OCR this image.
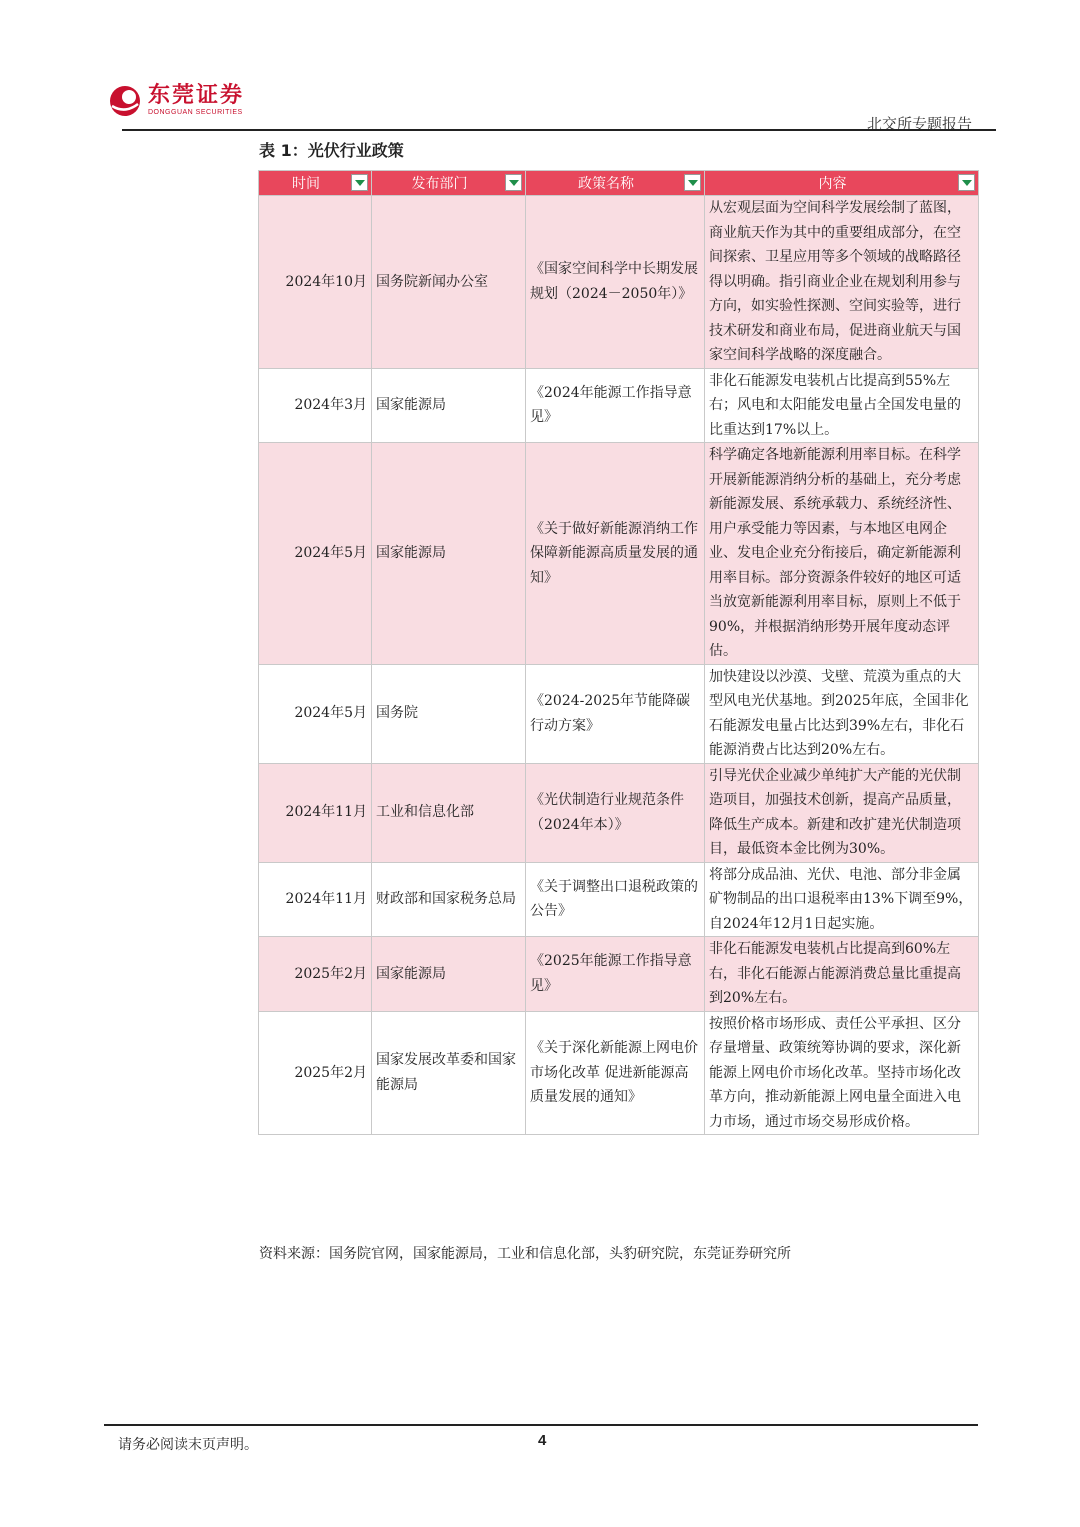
东莞证券
DONGGUAN SECURITIES
北交所专题报告
表 1：光伏行业政策
时间	发布部门	政策名称	内容

2024年10月	国务院新闻办公室	《国家空间科学中长期发展规划（2024－2050年）》	从宏观层面为空间科学发展绘制了蓝图，商业航天作为其中的重要组成部分，在空间探索、卫星应用等多个领域的战略路径得以明确。指引商业企业在规划利用参与方向，如实验性探测、空间实验等，进行技术研发和商业布局，促进商业航天与国家空间科学战略的深度融合。
2024年3月	国家能源局	《2024年能源工作指导意见》	非化石能源发电装机占比提高到55%左右；风电和太阳能发电量占全国发电量的比重达到17%以上。
2024年5月	国家能源局	《关于做好新能源消纳工作保障新能源高质量发展的通知》	科学确定各地新能源利用率目标。在科学开展新能源消纳分析的基础上，充分考虑新能源发展、系统承载力、系统经济性、用户承受能力等因素，与本地区电网企业、发电企业充分衔接后，确定新能源利用率目标。部分资源条件较好的地区可适当放宽新能源利用率目标，原则上不低于90%，并根据消纳形势开展年度动态评估。
2024年5月	国务院	《2024-2025年节能降碳行动方案》	加快建设以沙漠、戈壁、荒漠为重点的大型风电光伏基地。到2025年底，全国非化石能源发电量占比达到39%左右，非化石能源消费占比达到20%左右。
2024年11月	工业和信息化部	《光伏制造行业规范条件（2024年本）》	引导光伏企业减少单纯扩大产能的光伏制造项目，加强技术创新，提高产品质量，降低生产成本。新建和改扩建光伏制造项目，最低资本金比例为30%。
2024年11月	财政部和国家税务总局	《关于调整出口退税政策的公告》	将部分成品油、光伏、电池、部分非金属矿物制品的出口退税率由13%下调至9%，自2024年12月1日起实施。
2025年2月	国家能源局	《2025年能源工作指导意见》	非化石能源发电装机占比提高到60%左右，非化石能源占能源消费总量比重提高到20%左右。
2025年2月	国家发展改革委和国家能源局	《关于深化新能源上网电价市场化改革 促进新能源高质量发展的通知》	按照价格市场形成、责任公平承担、区分存量增量、政策统筹协调的要求，深化新能源上网电价市场化改革。坚持市场化改革方向，推动新能源上网电量全面进入电力市场，通过市场交易形成价格。
资料来源：国务院官网，国家能源局，工业和信息化部，头豹研究院，东莞证券研究所
请务必阅读末页声明。	4
